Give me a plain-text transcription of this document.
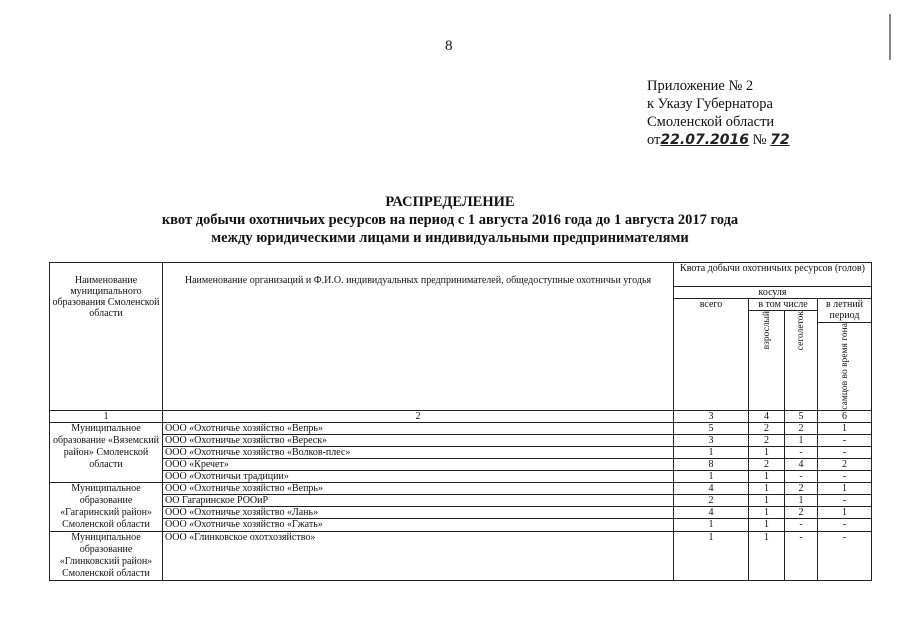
8
Приложение № 2
к Указу Губернатора
Смоленской области
от22.07.2016 № 72
РАСПРЕДЕЛЕНИЕ
квот добычи охотничьих ресурсов на период с 1 августа 2016 года до 1 августа 2017 года
между юридическими лицами и индивидуальными предпринимателями
Наименование муниципального образования Смоленской области	Наименование организаций и Ф.И.О. индивидуальных предпринимателей, общедоступные охотничьи угодья	Квота добычи охотничьих ресурсов (голов)			
		косуля			
		всего	в том числе		в летний период

			взрослый	сеголеток	

					самцов во время гона

1	2	3	4	5	6
Муниципальное образование «Вяземский район» Смоленской области	ООО «Охотничье хозяйство «Вепрь»	5	2	2	1
	ООО «Охотничье хозяйство «Вереск»	3	2	1	-
	ООО «Охотничье хозяйство «Волков-плес»	1	1	-	-
	ООО «Кречет»	8	2	4	2
	ООО «Охотничьи традиции»	1	1	-	-
Муниципальное образование «Гагаринский район» Смоленской области	ООО «Охотничье хозяйство «Вепрь»	4	1	2	1
	ОО Гагаринское РООиР	2	1	1	-
	ООО «Охотничье хозяйство «Лань»	4	1	2	1
	ООО «Охотничье хозяйство «Гжать»	1	1	-	-
Муниципальное образование «Глинковский район» Смоленской области	ООО «Глинковское охотхозяйство»	1	1	-	-
